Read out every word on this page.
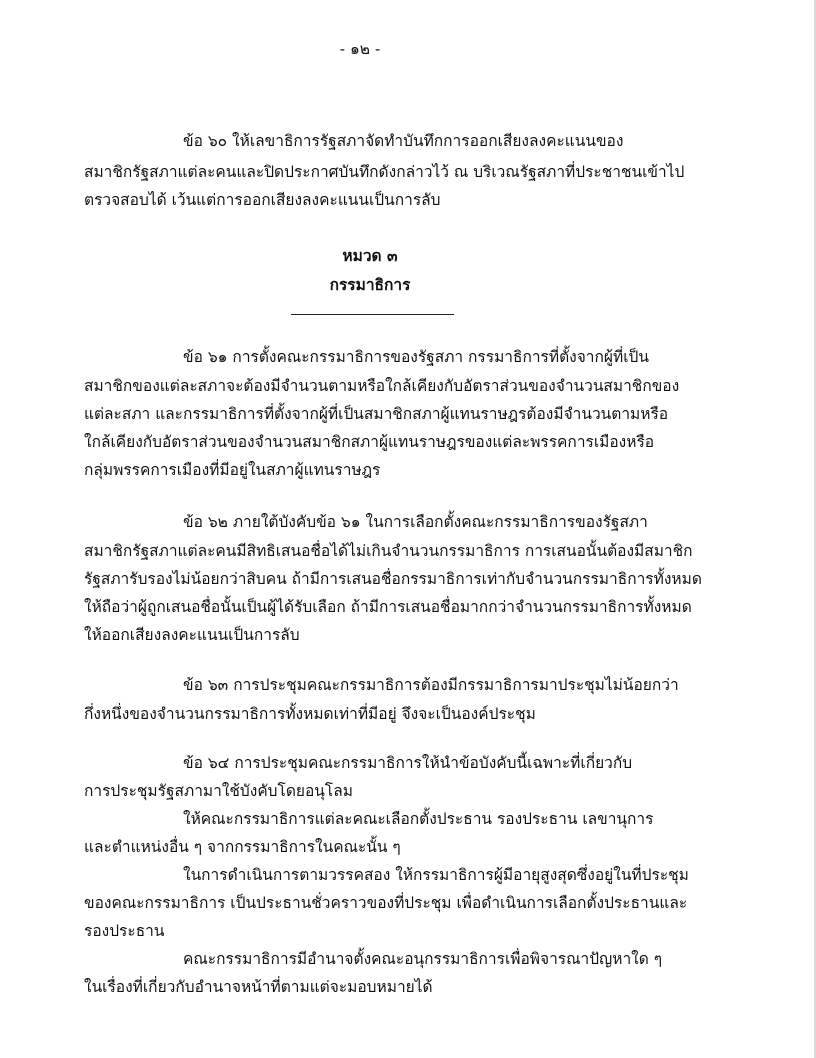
- ๑๒ -
ข้อ ๖๐ ให้เลขาธิการรัฐสภาจัดทำบันทึกการออกเสียงลงคะแนนของ
สมาชิกรัฐสภาแต่ละคนและปิดประกาศบันทึกดังกล่าวไว้ ณ บริเวณรัฐสภาที่ประชาชนเข้าไป
ตรวจสอบได้ เว้นแต่การออกเสียงลงคะแนนเป็นการลับ
หมวด ๓
กรรมาธิการ
ข้อ ๖๑ การตั้งคณะกรรมาธิการของรัฐสภา กรรมาธิการที่ตั้งจากผู้ที่เป็น
สมาชิกของแต่ละสภาจะต้องมีจำนวนตามหรือใกล้เคียงกับอัตราส่วนของจำนวนสมาชิกของ
แต่ละสภา และกรรมาธิการที่ตั้งจากผู้ที่เป็นสมาชิกสภาผู้แทนราษฎรต้องมีจำนวนตามหรือ
ใกล้เคียงกับอัตราส่วนของจำนวนสมาชิกสภาผู้แทนราษฎรของแต่ละพรรคการเมืองหรือ
กลุ่มพรรคการเมืองที่มีอยู่ในสภาผู้แทนราษฎร
ข้อ ๖๒ ภายใต้บังคับข้อ ๖๑ ในการเลือกตั้งคณะกรรมาธิการของรัฐสภา
สมาชิกรัฐสภาแต่ละคนมีสิทธิเสนอชื่อได้ไม่เกินจำนวนกรรมาธิการ การเสนอนั้นต้องมีสมาชิก
รัฐสภารับรองไม่น้อยกว่าสิบคน ถ้ามีการเสนอชื่อกรรมาธิการเท่ากับจำนวนกรรมาธิการทั้งหมด
ให้ถือว่าผู้ถูกเสนอชื่อนั้นเป็นผู้ได้รับเลือก ถ้ามีการเสนอชื่อมากกว่าจำนวนกรรมาธิการทั้งหมด
ให้ออกเสียงลงคะแนนเป็นการลับ
ข้อ ๖๓ การประชุมคณะกรรมาธิการต้องมีกรรมาธิการมาประชุมไม่น้อยกว่า
กึ่งหนึ่งของจำนวนกรรมาธิการทั้งหมดเท่าที่มีอยู่ จึงจะเป็นองค์ประชุม
ข้อ ๖๔ การประชุมคณะกรรมาธิการให้นำข้อบังคับนี้เฉพาะที่เกี่ยวกับ
การประชุมรัฐสภามาใช้บังคับโดยอนุโลม
ให้คณะกรรมาธิการแต่ละคณะเลือกตั้งประธาน รองประธาน เลขานุการ
และตำแหน่งอื่น ๆ จากกรรมาธิการในคณะนั้น ๆ
ในการดำเนินการตามวรรคสอง ให้กรรมาธิการผู้มีอายุสูงสุดซึ่งอยู่ในที่ประชุม
ของคณะกรรมาธิการ เป็นประธานชั่วคราวของที่ประชุม เพื่อดำเนินการเลือกตั้งประธานและ
รองประธาน
คณะกรรมาธิการมีอำนาจตั้งคณะอนุกรรมาธิการเพื่อพิจารณาปัญหาใด ๆ
ในเรื่องที่เกี่ยวกับอำนาจหน้าที่ตามแต่จะมอบหมายได้
